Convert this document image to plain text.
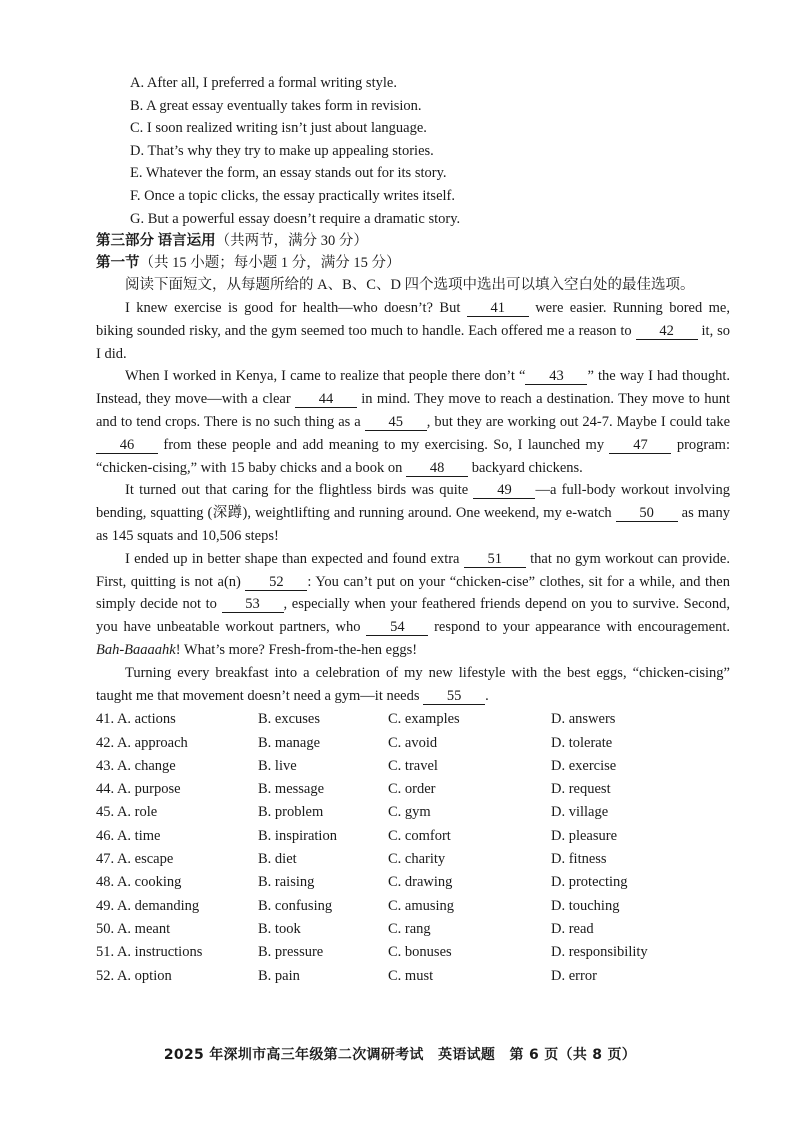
A. After all, I preferred a formal writing style.
B. A great essay eventually takes form in revision.
C. I soon realized writing isn’t just about language.
D. That’s why they try to make up appealing stories.
E. Whatever the form, an essay stands out for its story.
F. Once a topic clicks, the essay practically writes itself.
G. But a powerful essay doesn’t require a dramatic story.
第三部分 语言运用（共两节，满分 30 分）
第一节（共 15 小题；每小题 1 分，满分 15 分）

阅读下面短文，从每题所给的 A、B、C、D 四个选项中选出可以填入空白处的最佳选项。

I knew exercise is good for health—who doesn’t? But 41 were easier. Running bored me, biking sounded risky, and the gym seemed too much to handle. Each offered me a reason to 42 it, so I did.

When I worked in Kenya, I came to realize that people there don’t “ 43 ” the way I had thought. Instead, they move—with a clear 44 in mind. They move to reach a destination. They move to hunt and to tend crops. There is no such thing as a 45 , but they are working out 24-7. Maybe I could take 46 from these people and add meaning to my exercising. So, I launched my 47 program: “chicken-cising,” with 15 baby chicks and a book on 48 backyard chickens.

It turned out that caring for the flightless birds was quite 49 —a full-body workout involving bending, squatting (深蹲), weightlifting and running around. One weekend, my e-watch 50 as many as 145 squats and 10,506 steps!

I ended up in better shape than expected and found extra 51 that no gym workout can provide. First, quitting is not a(n) 52 : You can’t put on your “chicken-cise” clothes, sit for a while, and then simply decide not to 53 , especially when your feathered friends depend on you to survive. Second, you have unbeatable workout partners, who 54 respond to your appearance with encouragement. Bah-Baaaahk! What’s more? Fresh-from-the-hen eggs!

Turning every breakfast into a celebration of my new lifestyle with the best eggs, “chicken-cising” taught me that movement doesn’t need a gym—it needs 55 .

41. A. actions	B. excuses	C. examples	D. answers
42. A. approach	B. manage	C. avoid	D. tolerate
43. A. change	B. live	C. travel	D. exercise
44. A. purpose	B. message	C. order	D. request
45. A. role	B. problem	C. gym	D. village
46. A. time	B. inspiration	C. comfort	D. pleasure
47. A. escape	B. diet	C. charity	D. fitness
48. A. cooking	B. raising	C. drawing	D. protecting
49. A. demanding	B. confusing	C. amusing	D. touching
50. A. meant	B. took	C. rang	D. read
51. A. instructions	B. pressure	C. bonuses	D. responsibility
52. A. option	B. pain	C. must	D. error
2025 年深圳市高三年级第二次调研考试　英语试题　第 6 页（共 8 页）
